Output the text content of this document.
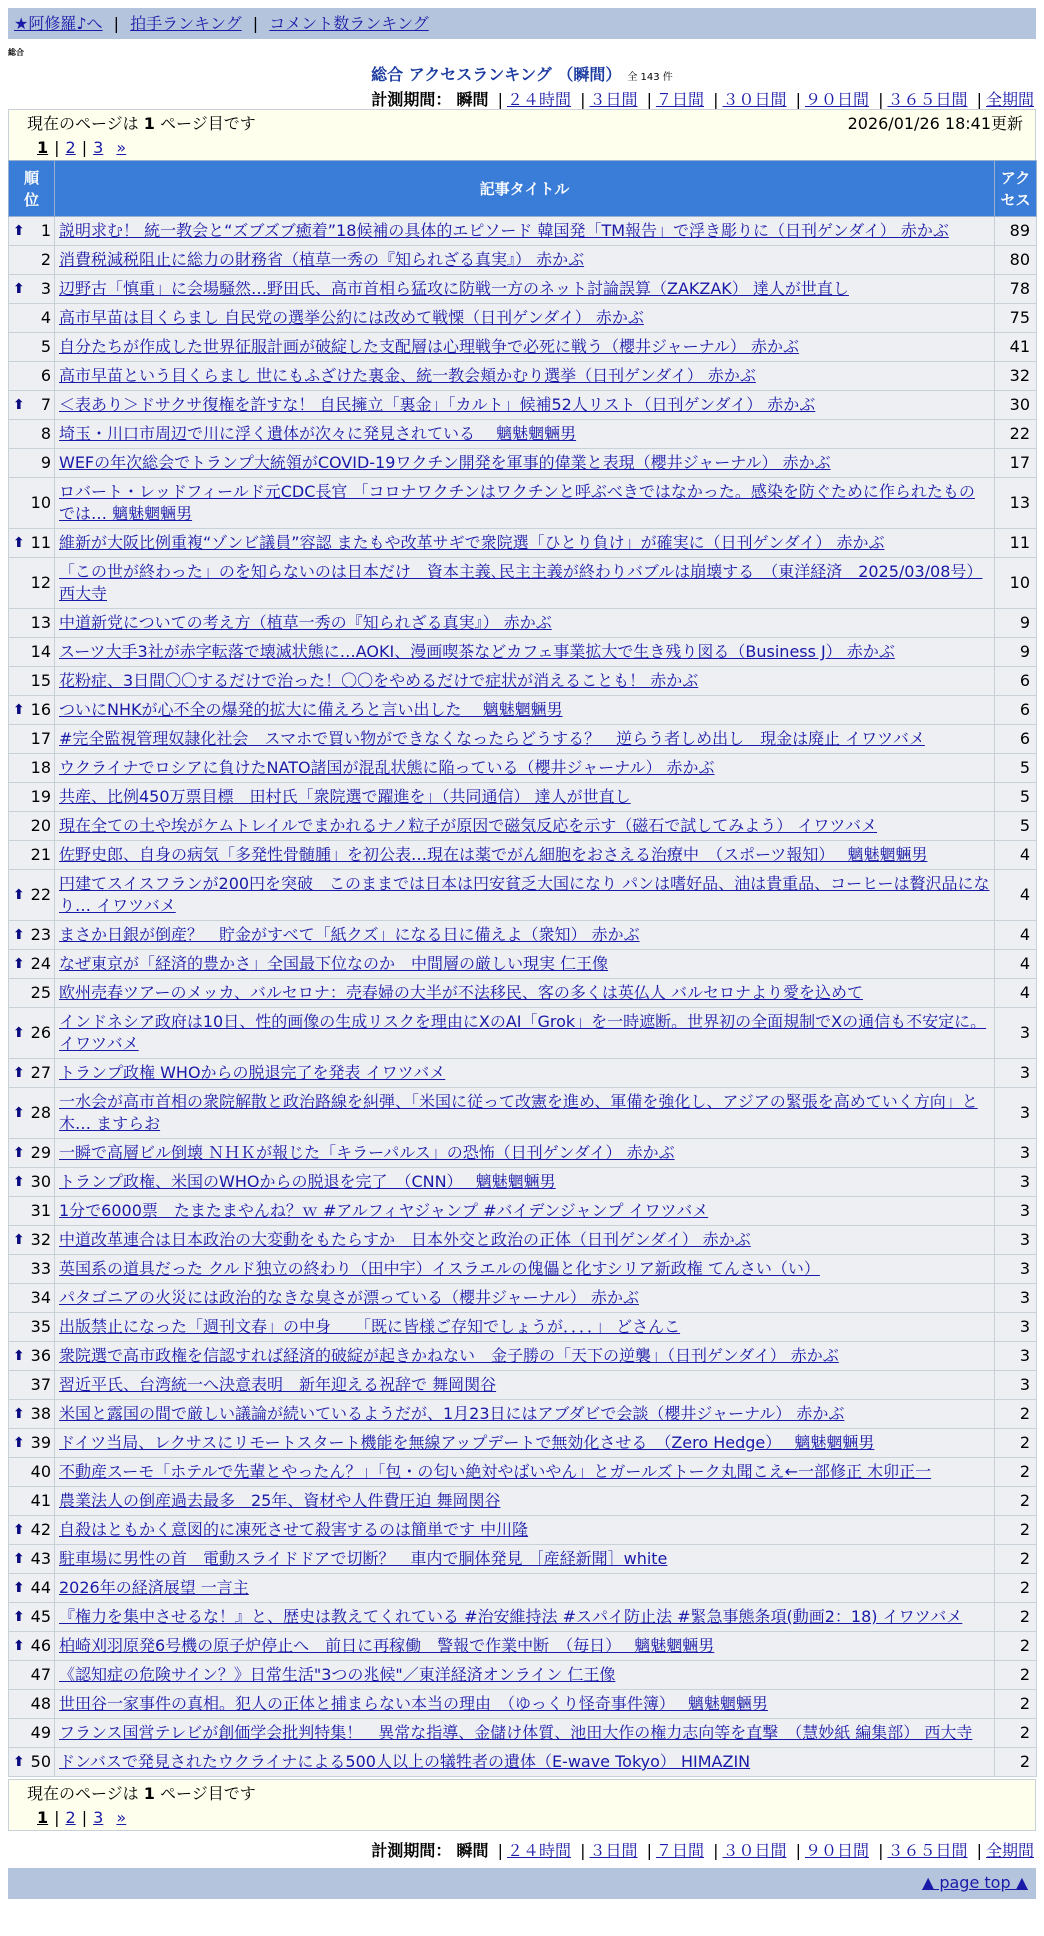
★阿修羅♪へ | 拍手ランキング | コメント数ランキング
総合
総合 アクセスランキング （瞬間） 全 143 件
計測期間： 瞬間 | ２４時間 | ３日間 | ７日間 | ３０日間 | ９０日間 | ３６５日間 | 全期間
現在のページは 1 ページ目です	2026/01/26 18:41更新
1 | 2 | 3 »
順位	記事タイトル	アクセス

⬆ 1	説明求む！ 統一教会と“ズブズブ癒着”18候補の具体的エピソード 韓国発「TM報告」で浮き彫りに（日刊ゲンダイ） 赤かぶ	89
2	消費税減税阻止に総力の財務省（植草一秀の『知られざる真実』） 赤かぶ	80

⬆ 3	辺野古「慎重」に会場騒然…野田氏、高市首相ら猛攻に防戦一方のネット討論誤算（ZAKZAK） 達人が世直し	78
4	高市早苗は目くらまし 自民党の選挙公約には改めて戦慄（日刊ゲンダイ） 赤かぶ	75
5	自分たちが作成した世界征服計画が破綻した支配層は心理戦争で必死に戦う（櫻井ジャーナル） 赤かぶ	41
6	高市早苗という目くらまし 世にもふざけた裏金、統一教会頬かむり選挙（日刊ゲンダイ） 赤かぶ	32

⬆ 7	＜表あり＞ドサクサ復権を許すな！ 自民擁立「裏金」「カルト」候補52人リスト（日刊ゲンダイ） 赤かぶ	30
8	埼玉・川口市周辺で川に浮く遺体が次々に発見されている　 魑魅魍魎男	22
9	WEFの年次総会でトランプ大統領がCOVID-19ワクチン開発を軍事的偉業と表現（櫻井ジャーナル） 赤かぶ	17
10	ロバート・レッドフィールド元CDC長官 「コロナワクチンはワクチンと呼ぶべきではなかった。感染を防ぐために作られたものでは… 魑魅魍魎男	13

⬆ 11	維新が大阪比例重複“ゾンビ議員”容認 またもや改革サギで衆院選「ひとり負け」が確実に（日刊ゲンダイ） 赤かぶ	11
12	「この世が終わった」のを知らないのは日本だけ　資本主義､民主主義が終わりバブルは崩壊する　（東洋経済　2025/03/08号） 西大寺	10
13	中道新党についての考え方（植草一秀の『知られざる真実』） 赤かぶ	9
14	スーツ大手3社が赤字転落で壊滅状態に…AOKI、漫画喫茶などカフェ事業拡大で生き残り図る（Business J） 赤かぶ	9
15	花粉症、3日間〇〇するだけで治った！〇〇をやめるだけで症状が消えることも！ 赤かぶ	6

⬆ 16	ついにNHKが心不全の爆発的拡大に備えろと言い出した　 魑魅魍魎男	6
17	#完全監視管理奴隷化社会　スマホで買い物ができなくなったらどうする？　逆らう者しめ出し　現金は廃止 イワツバメ	6
18	ウクライナでロシアに負けたNATO諸国が混乱状態に陥っている（櫻井ジャーナル） 赤かぶ	5
19	共産、比例450万票目標　田村氏「衆院選で躍進を」（共同通信） 達人が世直し	5
20	現在全ての土や埃がケムトレイルでまかれるナノ粒子が原因で磁気反応を示す（磁石で試してみよう） イワツバメ	5
21	佐野史郎、自身の病気「多発性骨髄腫」を初公表…現在は薬でがん細胞をおさえる治療中　（スポーツ報知）　 魑魅魍魎男	4

⬆ 22	円建てスイスフランが200円を突破　このままでは日本は円安貧乏大国になり パンは嗜好品、油は貴重品、コーヒーは贅沢品にな り… イワツバメ	4

⬆ 23	まさか日銀が倒産？　貯金がすべて「紙クズ」になる日に備えよ（衆知） 赤かぶ	4

⬆ 24	なぜ東京が「経済的豊かさ」全国最下位なのか　中間層の厳しい現実 仁王像	4
25	欧州売春ツアーのメッカ、バルセロナ：売春婦の大半が不法移民、客の多くは英仏人 バルセロナより愛を込めて	4

⬆ 26	インドネシア政府は10日、性的画像の生成リスクを理由にXのAI「Grok」を一時遮断。世界初の全面規制でXの通信も不安定に。 イワツバメ	3

⬆ 27	トランプ政権 WHOからの脱退完了を発表 イワツバメ	3

⬆ 28	一水会が高市首相の衆院解散と政治路線を糾弾、「米国に従って改憲を進め、軍備を強化し、アジアの緊張を高めていく方向」と 木… ますらお	3

⬆ 29	一瞬で高層ビル倒壊 ＮＨＫが報じた「キラーパルス」の恐怖（日刊ゲンダイ） 赤かぶ	3

⬆ 30	トランプ政権、米国のWHOからの脱退を完了　（CNN）　 魑魅魍魎男	3
31	1分で6000票　たまたまやんね？ｗ #アルフィヤジャンプ #バイデンジャンプ イワツバメ	3

⬆ 32	中道改革連合は日本政治の大変動をもたらすか　日本外交と政治の正体（日刊ゲンダイ） 赤かぶ	3
33	英国系の道具だった クルド独立の終わり（田中宇）イスラエルの傀儡と化すシリア新政権 てんさい（い）	3
34	パタゴニアの火災には政治的なきな臭さが漂っている（櫻井ジャーナル） 赤かぶ	3
35	出版禁止になった「週刊文春」の中身　　「既に皆様ご存知でしょうが．．．．」 どさんこ	3

⬆ 36	衆院選で高市政権を信認すれば経済的破綻が起きかねない　金子勝の「天下の逆襲」（日刊ゲンダイ） 赤かぶ	3
37	習近平氏、台湾統一へ決意表明　新年迎える祝辞で 舞岡関谷	3

⬆ 38	米国と露国の間で厳しい議論が続いているようだが、1月23日にはアブダビで会談（櫻井ジャーナル） 赤かぶ	2

⬆ 39	ドイツ当局、レクサスにリモートスタート機能を無線アップデートで無効化させる　（Zero Hedge）　 魑魅魍魎男	2
40	不動産スーモ「ホテルで先輩とやったん？」「包・の匂い絶対やばいやん」とガールズトーク丸聞こえ←一部修正 木卯正一	2
41	農業法人の倒産過去最多　25年、資材や人件費圧迫 舞岡関谷	2

⬆ 42	自殺はともかく意図的に凍死させて殺害するのは簡単です 中川隆	2

⬆ 43	駐車場に男性の首　電動スライドドアで切断？　車内で胴体発見 ［産経新聞］white	2

⬆ 44	2026年の経済展望 一言主	2

⬆ 45	『権力を集中させるな！』と、歴史は教えてくれている #治安維持法 #スパイ防止法 #緊急事態条項(動画2：18) イワツバメ	2

⬆ 46	柏崎刈羽原発6号機の原子炉停止へ　前日に再稼働　警報で作業中断　（毎日）　 魑魅魍魎男	2
47	《認知症の危険サイン？》日常生活"3つの兆候"／東洋経済オンライン 仁王像	2
48	世田谷一家事件の真相。犯人の正体と捕まらない本当の理由　（ゆっくり怪奇事件簿）　 魑魅魍魎男	2
49	フランス国営テレビが創価学会批判特集！　異常な指導、金儲け体質、池田大作の権力志向等を直撃　（慧妙紙 編集部） 西大寺	2

⬆ 50	ドンバスで発見されたウクライナによる500人以上の犠牲者の遺体（E-wave Tokyo） HIMAZIN	2
現在のページは 1 ページ目です
1 | 2 | 3 »
計測期間： 瞬間 | ２４時間 | ３日間 | ７日間 | ３０日間 | ９０日間 | ３６５日間 | 全期間
▲ page top ▲
